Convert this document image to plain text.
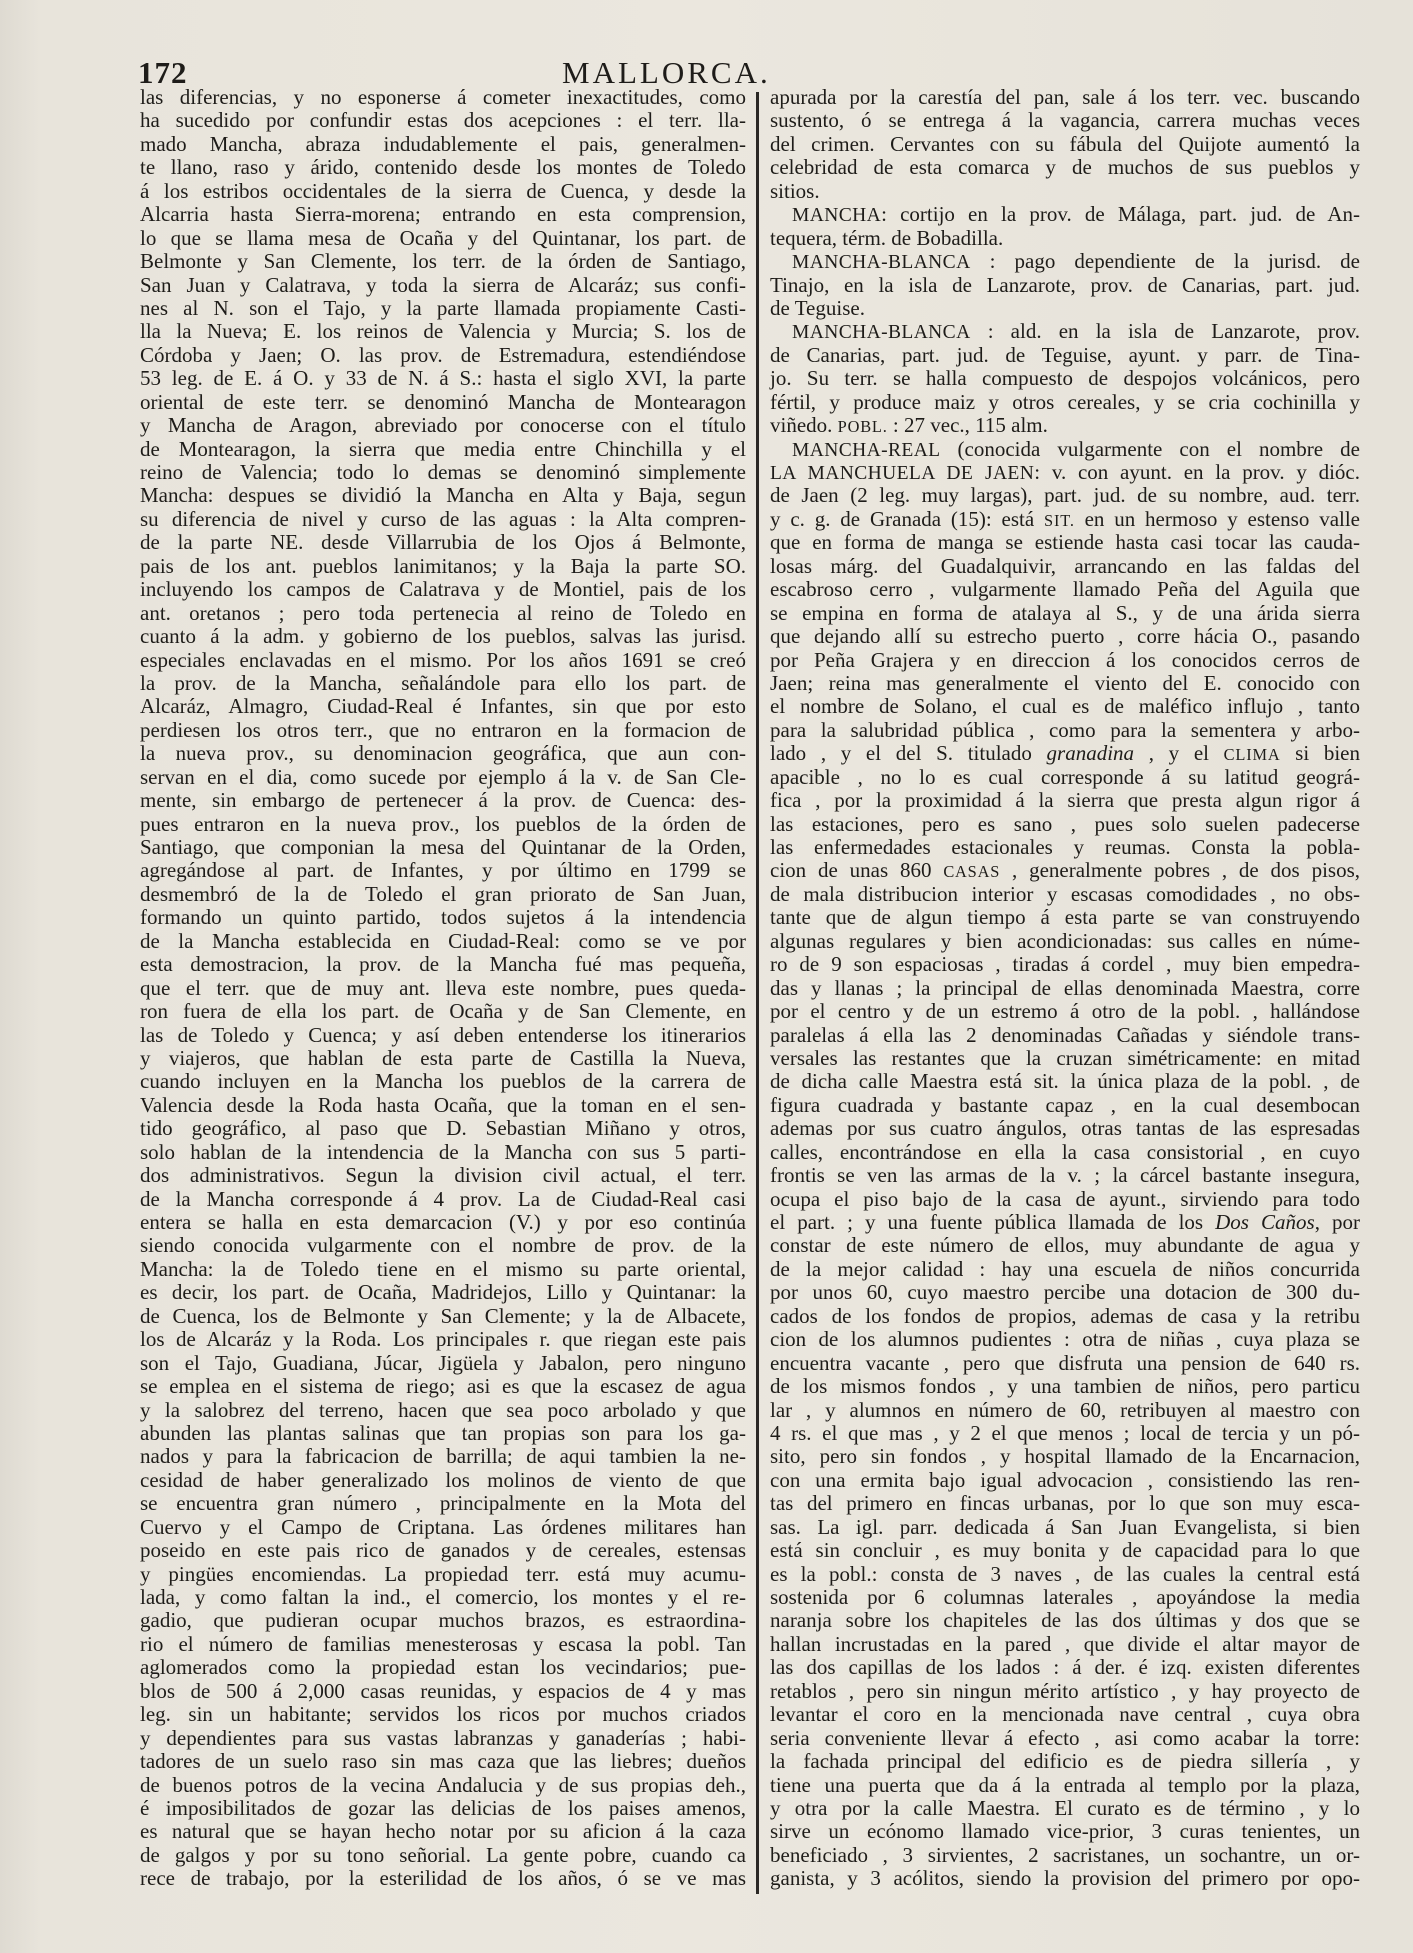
172	MALLORCA.
las diferencias, y no esponerse á cometer inexactitudes, como
ha sucedido por confundir estas dos acepciones : el terr. lla-
mado Mancha, abraza indudablemente el pais, generalmen-
te llano, raso y árido, contenido desde los montes de Toledo
á los estribos occidentales de la sierra de Cuenca, y desde la
Alcarria hasta Sierra-morena; entrando en esta comprension,
lo que se llama mesa de Ocaña y del Quintanar, los part. de
Belmonte y San Clemente, los terr. de la órden de Santiago,
San Juan y Calatrava, y toda la sierra de Alcaráz; sus confi-
nes al N. son el Tajo, y la parte llamada propiamente Casti-
lla la Nueva; E. los reinos de Valencia y Murcia; S. los de
Córdoba y Jaen; O. las prov. de Estremadura, estendiéndose
53 leg. de E. á O. y 33 de N. á S.: hasta el siglo XVI, la parte
oriental de este terr. se denominó Mancha de Montearagon
y Mancha de Aragon, abreviado por conocerse con el título
de Montearagon, la sierra que media entre Chinchilla y el
reino de Valencia; todo lo demas se denominó simplemente
Mancha: despues se dividió la Mancha en Alta y Baja, segun
su diferencia de nivel y curso de las aguas : la Alta compren-
de la parte NE. desde Villarrubia de los Ojos á Belmonte,
pais de los ant. pueblos lanimitanos; y la Baja la parte SO.
incluyendo los campos de Calatrava y de Montiel, pais de los
ant. oretanos ; pero toda pertenecia al reino de Toledo en
cuanto á la adm. y gobierno de los pueblos, salvas las jurisd.
especiales enclavadas en el mismo. Por los años 1691 se creó
la prov. de la Mancha, señalándole para ello los part. de
Alcaráz, Almagro, Ciudad-Real é Infantes, sin que por esto
perdiesen los otros terr., que no entraron en la formacion de
la nueva prov., su denominacion geográfica, que aun con-
servan en el dia, como sucede por ejemplo á la v. de San Cle-
mente, sin embargo de pertenecer á la prov. de Cuenca: des-
pues entraron en la nueva prov., los pueblos de la órden de
Santiago, que componian la mesa del Quintanar de la Orden,
agregándose al part. de Infantes, y por último en 1799 se
desmembró de la de Toledo el gran priorato de San Juan,
formando un quinto partido, todos sujetos á la intendencia
de la Mancha establecida en Ciudad-Real: como se ve por
esta demostracion, la prov. de la Mancha fué mas pequeña,
que el terr. que de muy ant. lleva este nombre, pues queda-
ron fuera de ella los part. de Ocaña y de San Clemente, en
las de Toledo y Cuenca; y así deben entenderse los itinerarios
y viajeros, que hablan de esta parte de Castilla la Nueva,
cuando incluyen en la Mancha los pueblos de la carrera de
Valencia desde la Roda hasta Ocaña, que la toman en el sen-
tido geográfico, al paso que D. Sebastian Miñano y otros,
solo hablan de la intendencia de la Mancha con sus 5 parti-
dos administrativos. Segun la division civil actual, el terr.
de la Mancha corresponde á 4 prov. La de Ciudad-Real casi
entera se halla en esta demarcacion (V.) y por eso continúa
siendo conocida vulgarmente con el nombre de prov. de la
Mancha: la de Toledo tiene en el mismo su parte oriental,
es decir, los part. de Ocaña, Madridejos, Lillo y Quintanar: la
de Cuenca, los de Belmonte y San Clemente; y la de Albacete,
los de Alcaráz y la Roda. Los principales r. que riegan este pais
son el Tajo, Guadiana, Júcar, Jigüela y Jabalon, pero ninguno
se emplea en el sistema de riego; asi es que la escasez de agua
y la salobrez del terreno, hacen que sea poco arbolado y que
abunden las plantas salinas que tan propias son para los ga-
nados y para la fabricacion de barrilla; de aqui tambien la ne-
cesidad de haber generalizado los molinos de viento de que
se encuentra gran número , principalmente en la Mota del
Cuervo y el Campo de Criptana. Las órdenes militares han
poseido en este pais rico de ganados y de cereales, estensas
y pingües encomiendas. La propiedad terr. está muy acumu-
lada, y como faltan la ind., el comercio, los montes y el re-
gadio, que pudieran ocupar muchos brazos, es estraordina-
rio el número de familias menesterosas y escasa la pobl. Tan
aglomerados como la propiedad estan los vecindarios; pue-
blos de 500 á 2,000 casas reunidas, y espacios de 4 y mas
leg. sin un habitante; servidos los ricos por muchos criados
y dependientes para sus vastas labranzas y ganaderías ; habi-
tadores de un suelo raso sin mas caza que las liebres; dueños
de buenos potros de la vecina Andalucia y de sus propias deh.,
é imposibilitados de gozar las delicias de los paises amenos,
es natural que se hayan hecho notar por su aficion á la caza
de galgos y por su tono señorial. La gente pobre, cuando ca
rece de trabajo, por la esterilidad de los años, ó se ve mas
apurada por la carestía del pan, sale á los terr. vec. buscando
sustento, ó se entrega á la vagancia, carrera muchas veces
del crimen. Cervantes con su fábula del Quijote aumentó la
celebridad de esta comarca y de muchos de sus pueblos y
sitios.
MANCHA: cortijo en la prov. de Málaga, part. jud. de An-
tequera, térm. de Bobadilla.
MANCHA-BLANCA : pago dependiente de la jurisd. de
Tinajo, en la isla de Lanzarote, prov. de Canarias, part. jud.
de Teguise.
MANCHA-BLANCA : ald. en la isla de Lanzarote, prov.
de Canarias, part. jud. de Teguise, ayunt. y parr. de Tina-
jo. Su terr. se halla compuesto de despojos volcánicos, pero
fértil, y produce maiz y otros cereales, y se cria cochinilla y
viñedo. POBL. : 27 vec., 115 alm.
MANCHA-REAL (conocida vulgarmente con el nombre de
LA MANCHUELA DE JAEN: v. con ayunt. en la prov. y dióc.
de Jaen (2 leg. muy largas), part. jud. de su nombre, aud. terr.
y c. g. de Granada (15): está SIT. en un hermoso y estenso valle
que en forma de manga se estiende hasta casi tocar las cauda-
losas márg. del Guadalquivir, arrancando en las faldas del
escabroso cerro , vulgarmente llamado Peña del Aguila que
se empina en forma de atalaya al S., y de una árida sierra
que dejando allí su estrecho puerto , corre hácia O., pasando
por Peña Grajera y en direccion á los conocidos cerros de
Jaen; reina mas generalmente el viento del E. conocido con
el nombre de Solano, el cual es de maléfico influjo , tanto
para la salubridad pública , como para la sementera y arbo-
lado , y el del S. titulado granadina , y el CLIMA si bien
apacible , no lo es cual corresponde á su latitud geográ-
fica , por la proximidad á la sierra que presta algun rigor á
las estaciones, pero es sano , pues solo suelen padecerse
las enfermedades estacionales y reumas. Consta la pobla-
cion de unas 860 CASAS , generalmente pobres , de dos pisos,
de mala distribucion interior y escasas comodidades , no obs-
tante que de algun tiempo á esta parte se van construyendo
algunas regulares y bien acondicionadas: sus calles en núme-
ro de 9 son espaciosas , tiradas á cordel , muy bien empedra-
das y llanas ; la principal de ellas denominada Maestra, corre
por el centro y de un estremo á otro de la pobl. , hallándose
paralelas á ella las 2 denominadas Cañadas y siéndole trans-
versales las restantes que la cruzan simétricamente: en mitad
de dicha calle Maestra está sit. la única plaza de la pobl. , de
figura cuadrada y bastante capaz , en la cual desembocan
ademas por sus cuatro ángulos, otras tantas de las espresadas
calles, encontrándose en ella la casa consistorial , en cuyo
frontis se ven las armas de la v. ; la cárcel bastante insegura,
ocupa el piso bajo de la casa de ayunt., sirviendo para todo
el part. ; y una fuente pública llamada de los Dos Caños, por
constar de este número de ellos, muy abundante de agua y
de la mejor calidad : hay una escuela de niños concurrida
por unos 60, cuyo maestro percibe una dotacion de 300 du-
cados de los fondos de propios, ademas de casa y la retribu
cion de los alumnos pudientes : otra de niñas , cuya plaza se
encuentra vacante , pero que disfruta una pension de 640 rs.
de los mismos fondos , y una tambien de niños, pero particu
lar , y alumnos en número de 60, retribuyen al maestro con
4 rs. el que mas , y 2 el que menos ; local de tercia y un pó-
sito, pero sin fondos , y hospital llamado de la Encarnacion,
con una ermita bajo igual advocacion , consistiendo las ren-
tas del primero en fincas urbanas, por lo que son muy esca-
sas. La igl. parr. dedicada á San Juan Evangelista, si bien
está sin concluir , es muy bonita y de capacidad para lo que
es la pobl.: consta de 3 naves , de las cuales la central está
sostenida por 6 columnas laterales , apoyándose la media
naranja sobre los chapiteles de las dos últimas y dos que se
hallan incrustadas en la pared , que divide el altar mayor de
las dos capillas de los lados : á der. é izq. existen diferentes
retablos , pero sin ningun mérito artístico , y hay proyecto de
levantar el coro en la mencionada nave central , cuya obra
seria conveniente llevar á efecto , asi como acabar la torre:
la fachada principal del edificio es de piedra sillería , y
tiene una puerta que da á la entrada al templo por la plaza,
y otra por la calle Maestra. El curato es de término , y lo
sirve un ecónomo llamado vice-prior, 3 curas tenientes, un
beneficiado , 3 sirvientes, 2 sacristanes, un sochantre, un or-
ganista, y 3 acólitos, siendo la provision del primero por opo-
